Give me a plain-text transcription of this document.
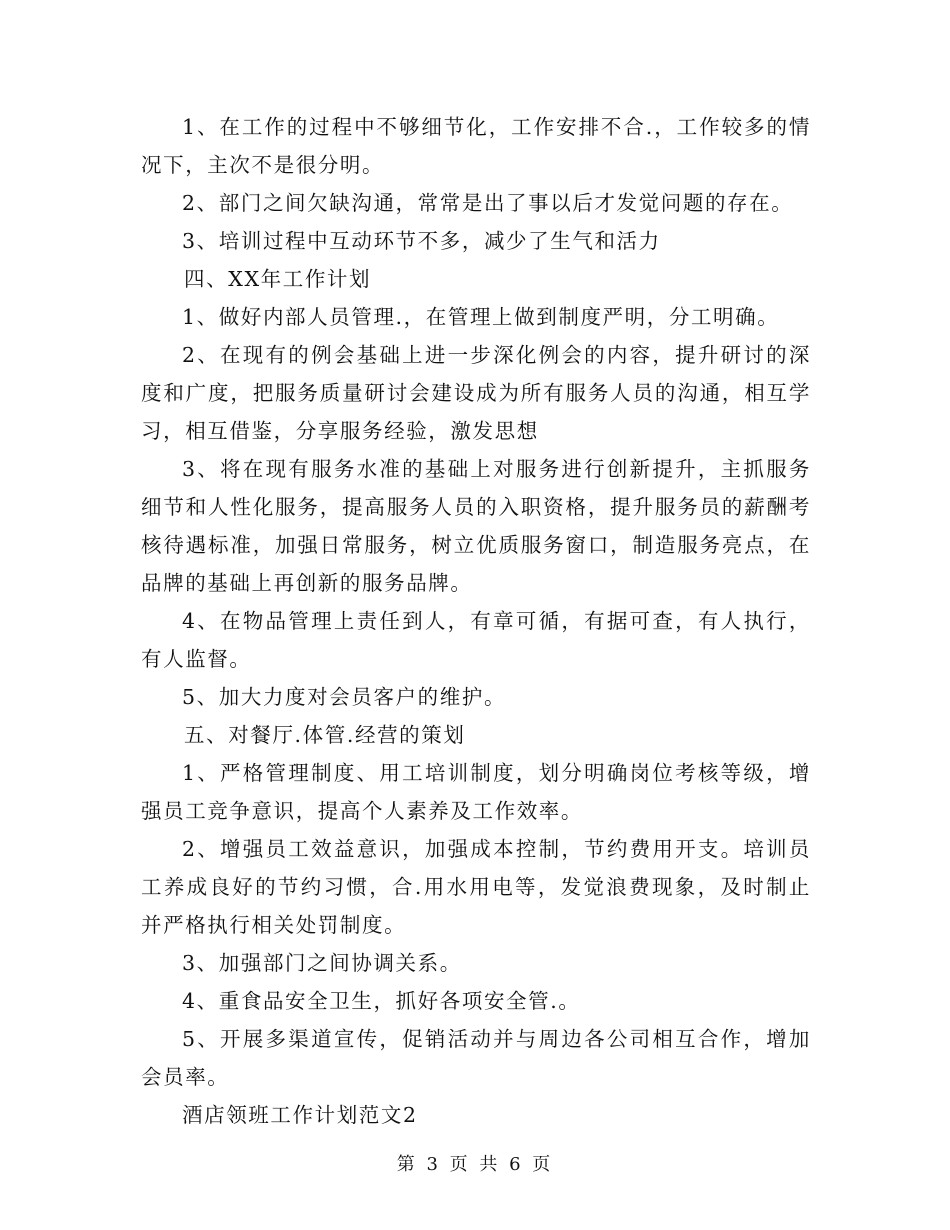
1、在工作的过程中不够细节化，工作安排不合.，工作较多的情况下，主次不是很分明。

2、部门之间欠缺沟通，常常是出了事以后才发觉问题的存在。

3、培训过程中互动环节不多，减少了生气和活力

四、XX年工作计划

1、做好内部人员管理.，在管理上做到制度严明，分工明确。

2、在现有的例会基础上进一步深化例会的内容，提升研讨的深度和广度，把服务质量研讨会建设成为所有服务人员的沟通，相互学习，相互借鉴，分享服务经验，激发思想

3、将在现有服务水准的基础上对服务进行创新提升，主抓服务细节和人性化服务，提高服务人员的入职资格，提升服务员的薪酬考核待遇标准，加强日常服务，树立优质服务窗口，制造服务亮点，在品牌的基础上再创新的服务品牌。

4、在物品管理上责任到人，有章可循，有据可查，有人执行，有人监督。

5、加大力度对会员客户的维护。

五、对餐厅.体管.经营的策划

1、严格管理制度、用工培训制度，划分明确岗位考核等级，增强员工竞争意识，提高个人素养及工作效率。

2、增强员工效益意识，加强成本控制，节约费用开支。培训员工养成良好的节约习惯，合.用水用电等，发觉浪费现象，及时制止并严格执行相关处罚制度。

3、加强部门之间协调关系。

4、重食品安全卫生，抓好各项安全管.。

5、开展多渠道宣传，促销活动并与周边各公司相互合作，增加会员率。

酒店领班工作计划范文2

第 3 页 共 6 页
